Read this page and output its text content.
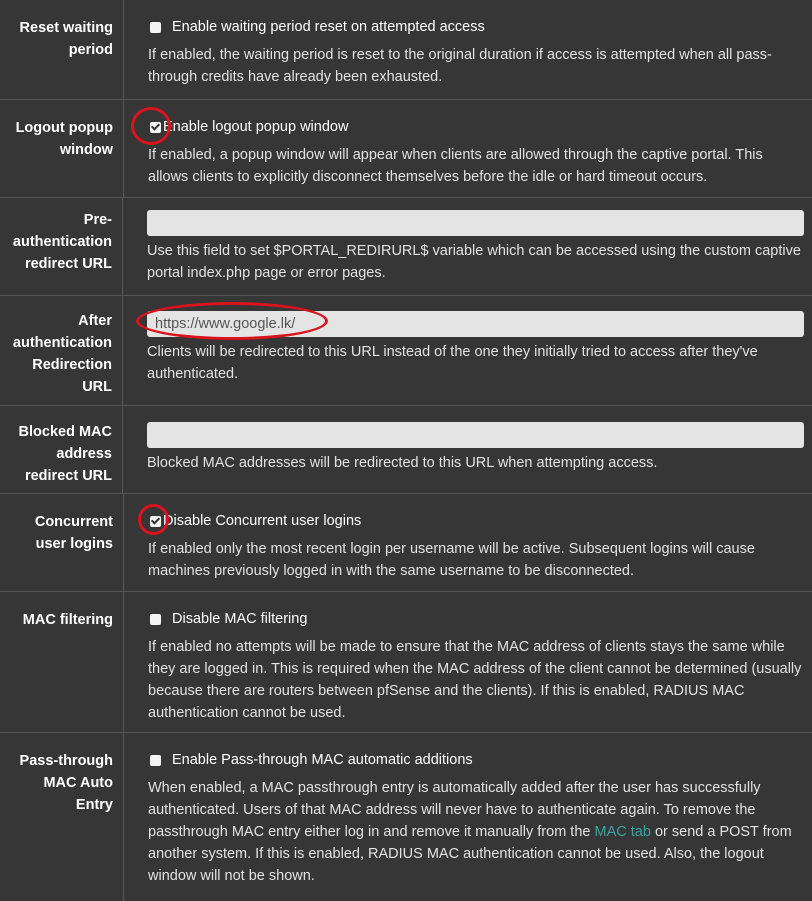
Reset waiting period
Enable waiting period reset on attempted access
If enabled, the waiting period is reset to the original duration if access is attempted when all pass-through credits have already been exhausted.
Logout popup window
Enable logout popup window
If enabled, a popup window will appear when clients are allowed through the captive portal. This allows clients to explicitly disconnect themselves before the idle or hard timeout occurs.
Pre-authentication redirect URL
Use this field to set $PORTAL_REDIRURL$ variable which can be accessed using the custom captive portal index.php page or error pages.
After authentication Redirection URL
https://www.google.lk/
Clients will be redirected to this URL instead of the one they initially tried to access after they've authenticated.
Blocked MAC address redirect URL
Blocked MAC addresses will be redirected to this URL when attempting access.
Concurrent user logins
Disable Concurrent user logins
If enabled only the most recent login per username will be active. Subsequent logins will cause machines previously logged in with the same username to be disconnected.
MAC filtering	Disable MAC filtering
If enabled no attempts will be made to ensure that the MAC address of clients stays the same while they are logged in. This is required when the MAC address of the client cannot be determined (usually because there are routers between pfSense and the clients). If this is enabled, RADIUS MAC authentication cannot be used.
Pass-through MAC Auto Entry
Enable Pass-through MAC automatic additions
When enabled, a MAC passthrough entry is automatically added after the user has successfully authenticated. Users of that MAC address will never have to authenticate again. To remove the passthrough MAC entry either log in and remove it manually from the MAC tab or send a POST from another system. If this is enabled, RADIUS MAC authentication cannot be used. Also, the logout window will not be shown.
